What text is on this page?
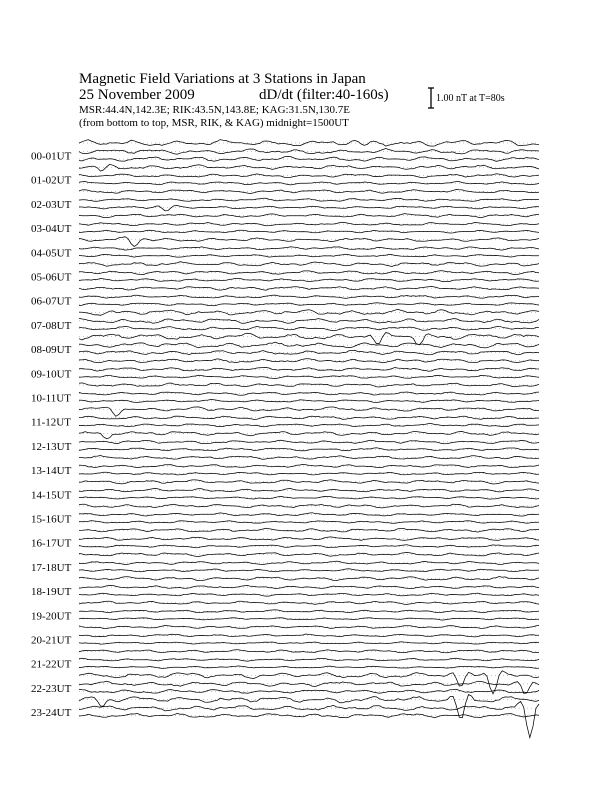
Magnetic Field Variations at 3 Stations in Japan
25 November 2009	dD/dt (filter:40-160s)
MSR:44.4N,142.3E; RIK:43.5N,143.8E; KAG:31.5N,130.7E
(from bottom to top, MSR, RIK, & KAG) midnight=1500UT
1.00 nT at T=80s
00-01UT
01-02UT
02-03UT
03-04UT
04-05UT
05-06UT
06-07UT
07-08UT
08-09UT
09-10UT
10-11UT
11-12UT
12-13UT
13-14UT
14-15UT
15-16UT
16-17UT
17-18UT
18-19UT
19-20UT
20-21UT
21-22UT
22-23UT
23-24UT
